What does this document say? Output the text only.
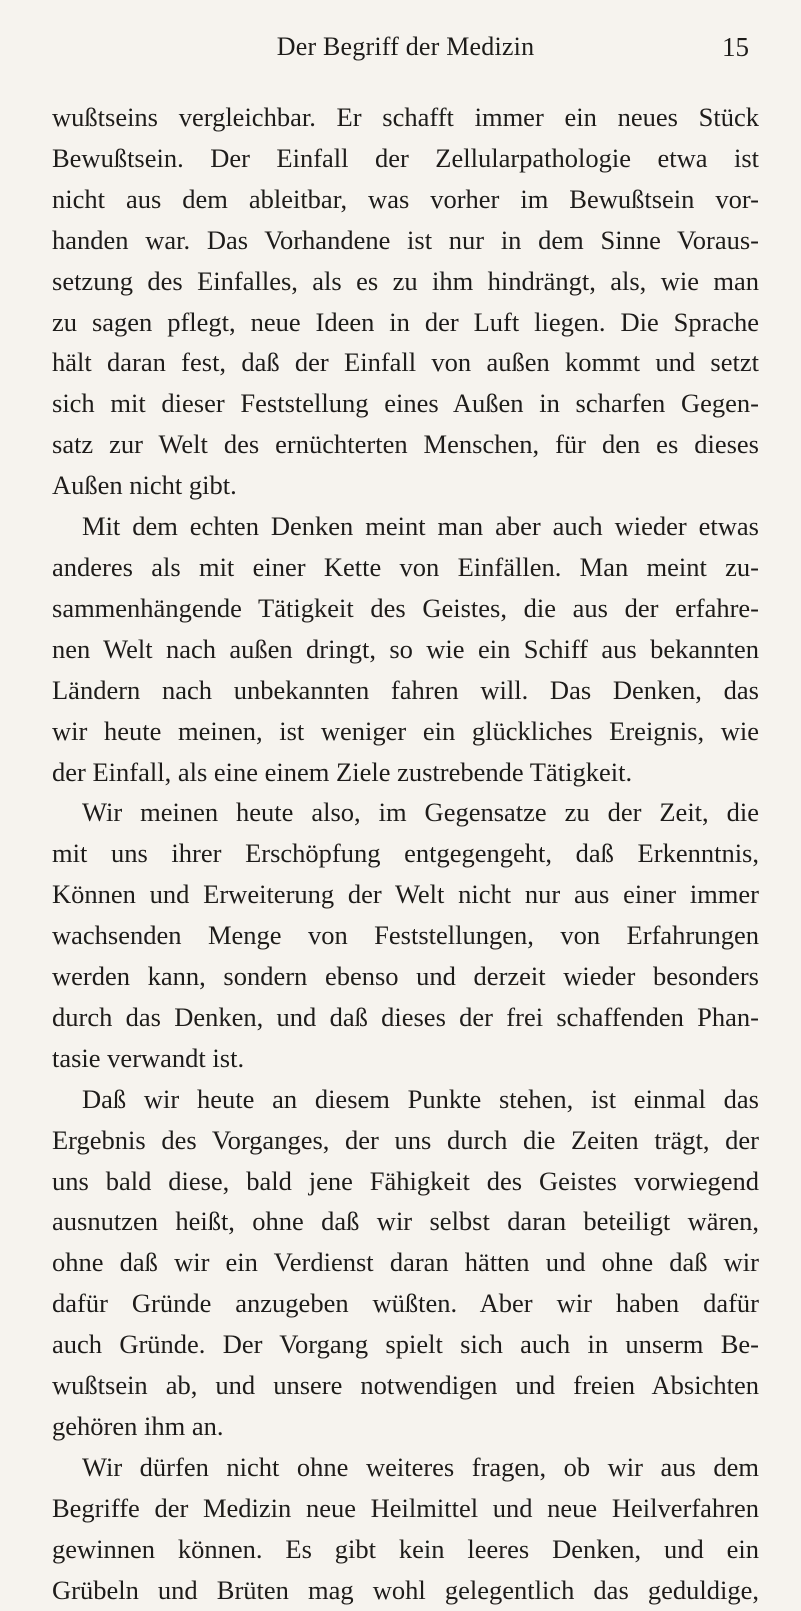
Der Begriff der Medizin	15
wußtseins vergleichbar. Er schafft immer ein neues Stück
Bewußtsein. Der Einfall der Zellularpathologie etwa ist
nicht aus dem ableitbar, was vorher im Bewußtsein vor-
handen war. Das Vorhandene ist nur in dem Sinne Voraus-
setzung des Einfalles, als es zu ihm hindrängt, als, wie man
zu sagen pflegt, neue Ideen in der Luft liegen. Die Sprache
hält daran fest, daß der Einfall von außen kommt und setzt
sich mit dieser Feststellung eines Außen in scharfen Gegen-
satz zur Welt des ernüchterten Menschen, für den es dieses
Außen nicht gibt.
Mit dem echten Denken meint man aber auch wieder etwas
anderes als mit einer Kette von Einfällen. Man meint zu-
sammenhängende Tätigkeit des Geistes, die aus der erfahre-
nen Welt nach außen dringt, so wie ein Schiff aus bekannten
Ländern nach unbekannten fahren will. Das Denken, das
wir heute meinen, ist weniger ein glückliches Ereignis, wie
der Einfall, als eine einem Ziele zustrebende Tätigkeit.
Wir meinen heute also, im Gegensatze zu der Zeit, die
mit uns ihrer Erschöpfung entgegengeht, daß Erkenntnis,
Können und Erweiterung der Welt nicht nur aus einer immer
wachsenden Menge von Feststellungen, von Erfahrungen
werden kann, sondern ebenso und derzeit wieder besonders
durch das Denken, und daß dieses der frei schaffenden Phan-
tasie verwandt ist.
Daß wir heute an diesem Punkte stehen, ist einmal das
Ergebnis des Vorganges, der uns durch die Zeiten trägt, der
uns bald diese, bald jene Fähigkeit des Geistes vorwiegend
ausnutzen heißt, ohne daß wir selbst daran beteiligt wären,
ohne daß wir ein Verdienst daran hätten und ohne daß wir
dafür Gründe anzugeben wüßten. Aber wir haben dafür
auch Gründe. Der Vorgang spielt sich auch in unserm Be-
wußtsein ab, und unsere notwendigen und freien Absichten
gehören ihm an.
Wir dürfen nicht ohne weiteres fragen, ob wir aus dem
Begriffe der Medizin neue Heilmittel und neue Heilverfahren
gewinnen können. Es gibt kein leeres Denken, und ein
Grübeln und Brüten mag wohl gelegentlich das geduldige,
